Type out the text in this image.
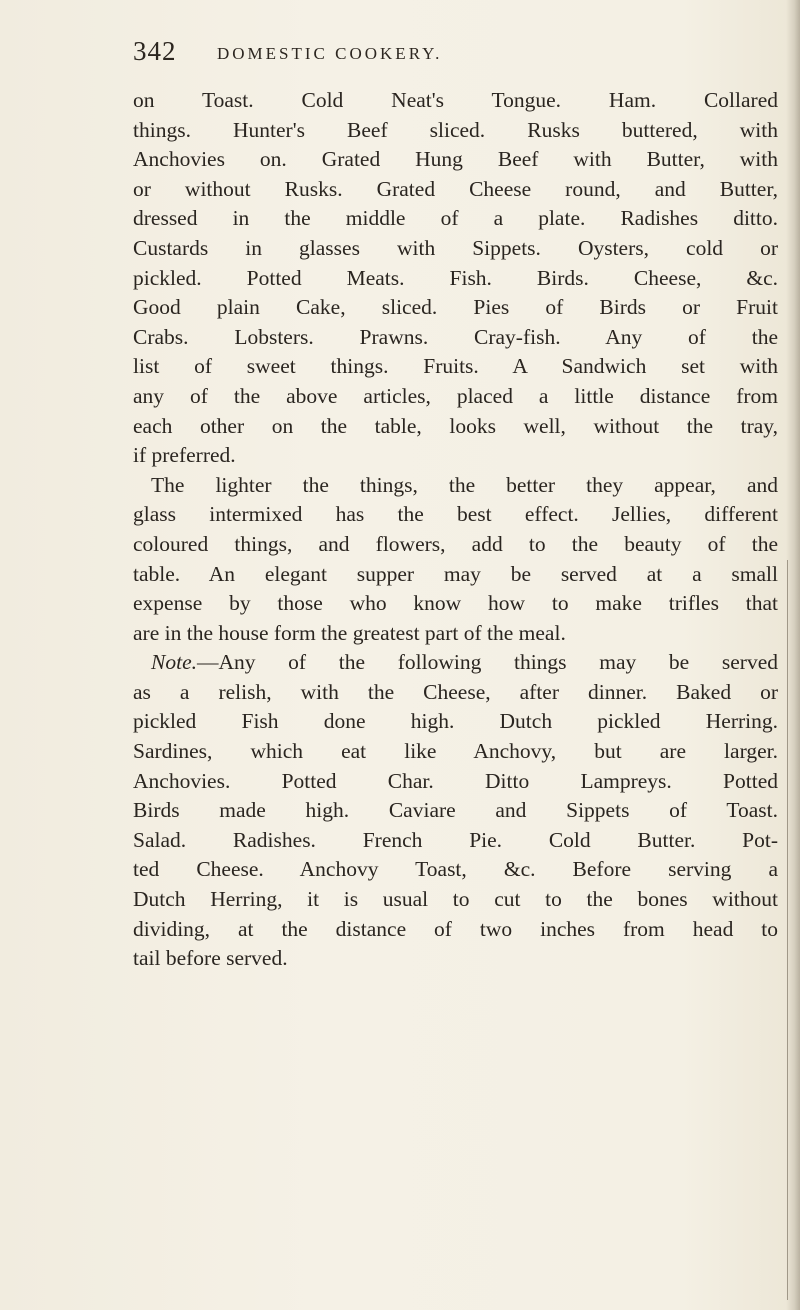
342 DOMESTIC COOKERY.
on Toast. Cold Neat's Tongue. Ham. Collared
things. Hunter's Beef sliced. Rusks buttered, with
Anchovies on. Grated Hung Beef with Butter, with
or without Rusks. Grated Cheese round, and Butter,
dressed in the middle of a plate. Radishes ditto.
Custards in glasses with Sippets. Oysters, cold or
pickled. Potted Meats. Fish. Birds. Cheese, &c.
Good plain Cake, sliced. Pies of Birds or Fruit
Crabs. Lobsters. Prawns. Cray-fish. Any of the
list of sweet things. Fruits. A Sandwich set with
any of the above articles, placed a little distance from
each other on the table, looks well, without the tray,
if preferred.
The lighter the things, the better they appear, and
glass intermixed has the best effect. Jellies, different
coloured things, and flowers, add to the beauty of the
table. An elegant supper may be served at a small
expense by those who know how to make trifles that
are in the house form the greatest part of the meal.
Note.—Any of the following things may be served
as a relish, with the Cheese, after dinner. Baked or
pickled Fish done high. Dutch pickled Herring.
Sardines, which eat like Anchovy, but are larger.
Anchovies. Potted Char. Ditto Lampreys. Potted
Birds made high. Caviare and Sippets of Toast.
Salad. Radishes. French Pie. Cold Butter. Pot-
ted Cheese. Anchovy Toast, &c. Before serving a
Dutch Herring, it is usual to cut to the bones without
dividing, at the distance of two inches from head to
tail before served.
